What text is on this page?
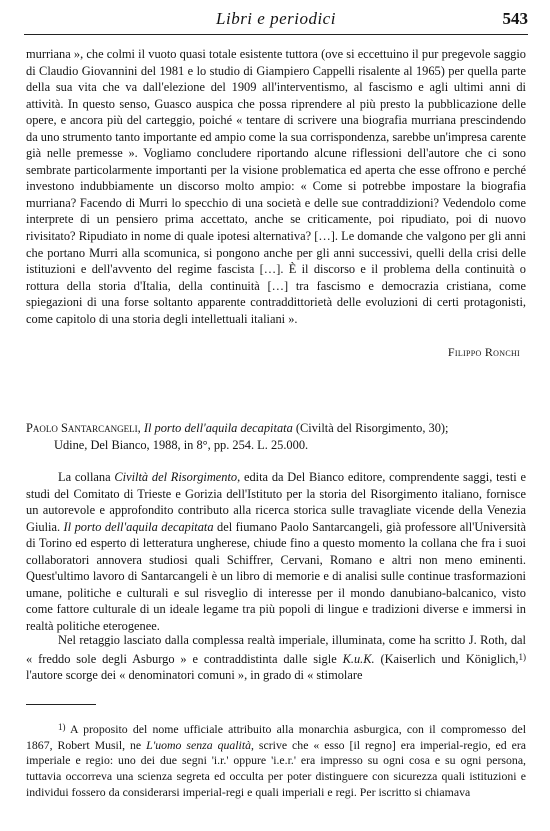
Libri e periodici	543

murriana », che colmi il vuoto quasi totale esistente tuttora (ove si eccettuino il pur pregevole saggio di Claudio Giovannini del 1981 e lo studio di Giampiero Cappelli risalente al 1965) per quella parte della sua vita che va dall'elezione del 1909 all'interventismo, al fascismo e agli ultimi anni di attività. In questo senso, Guasco auspica che possa riprendere al più presto la pubblicazione delle opere, e ancora più del carteggio, poiché « tentare di scrivere una biografia murriana prescindendo da uno strumento tanto importante ed ampio come la sua corrispondenza, sarebbe un'impresa carente già nelle premesse ». Vogliamo concludere riportando alcune riflessioni dell'autore che ci sono sembrate particolarmente importanti per la visione problematica ed aperta che esse offrono e perché investono indubbiamente un discorso molto ampio: « Come si potrebbe impostare la biografia murriana? Facendo di Murri lo specchio di una società e delle sue contraddizioni? Vedendolo come interprete di un pensiero prima accettato, anche se criticamente, poi ripudiato, poi di nuovo rivisitato? Ripudiato in nome di quale ipotesi alternativa? […]. Le domande che valgono per gli anni che portano Murri alla scomunica, si pongono anche per gli anni successivi, quelli della crisi delle istituzioni e dell'avvento del regime fascista […]. È il discorso e il problema della continuità o rottura della storia d'Italia, della continuità […] tra fascismo e democrazia cristiana, come spiegazioni di una forse soltanto apparente contraddittorietà delle evoluzioni di certi protagonisti, come capitolo di una storia degli intellettuali italiani ».

Filippo Ronchi

Paolo Santarcangeli, Il porto dell'aquila decapitata (Civiltà del Risorgimento, 30);
Udine, Del Bianco, 1988, in 8°, pp. 254. L. 25.000.

La collana Civiltà del Risorgimento, edita da Del Bianco editore, comprendente saggi, testi e studi del Comitato di Trieste e Gorizia dell'Istituto per la storia del Risorgimento italiano, fornisce un autorevole e approfondito contributo alla ricerca storica sulle travagliate vicende della Venezia Giulia. Il porto dell'aquila decapitata del fiumano Paolo Santarcangeli, già professore all'Università di Torino ed esperto di letteratura ungherese, chiude fino a questo momento la collana che fra i suoi collaboratori annovera studiosi quali Schiffrer, Cervani, Romano e altri non meno eminenti. Quest'ultimo lavoro di Santarcangeli è un libro di memorie e di analisi sulle continue trasformazioni umane, politiche e culturali e sul risveglio di interesse per il mondo danubiano-balcanico, visto come fattore culturale di un ideale legame tra più popoli di lingue e tradizioni diverse e immersi in realtà politiche eterogenee.

Nel retaggio lasciato dalla complessa realtà imperiale, illuminata, come ha scritto J. Roth, dal « freddo sole degli Asburgo » e contraddistinta dalle sigle K.u.K. (Kaiserlich und Königlich,$^{1)}$ l'autore scorge dei « denominatori comuni », in grado di « stimolare

$^{1)}$ A proposito del nome ufficiale attribuito alla monarchia asburgica, con il compromesso del 1867, Robert Musil, ne L'uomo senza qualità, scrive che « esso [il regno] era imperial-regio, ed era imperiale e regio: uno dei due segni 'i.r.' oppure 'i.e.r.' era impresso su ogni cosa e su ogni persona, tuttavia occorreva una scienza segreta ed occulta per poter distinguere con sicurezza quali istituzioni e individui fossero da considerarsi imperial-regi e quali imperiali e regi. Per iscritto si chiamava
